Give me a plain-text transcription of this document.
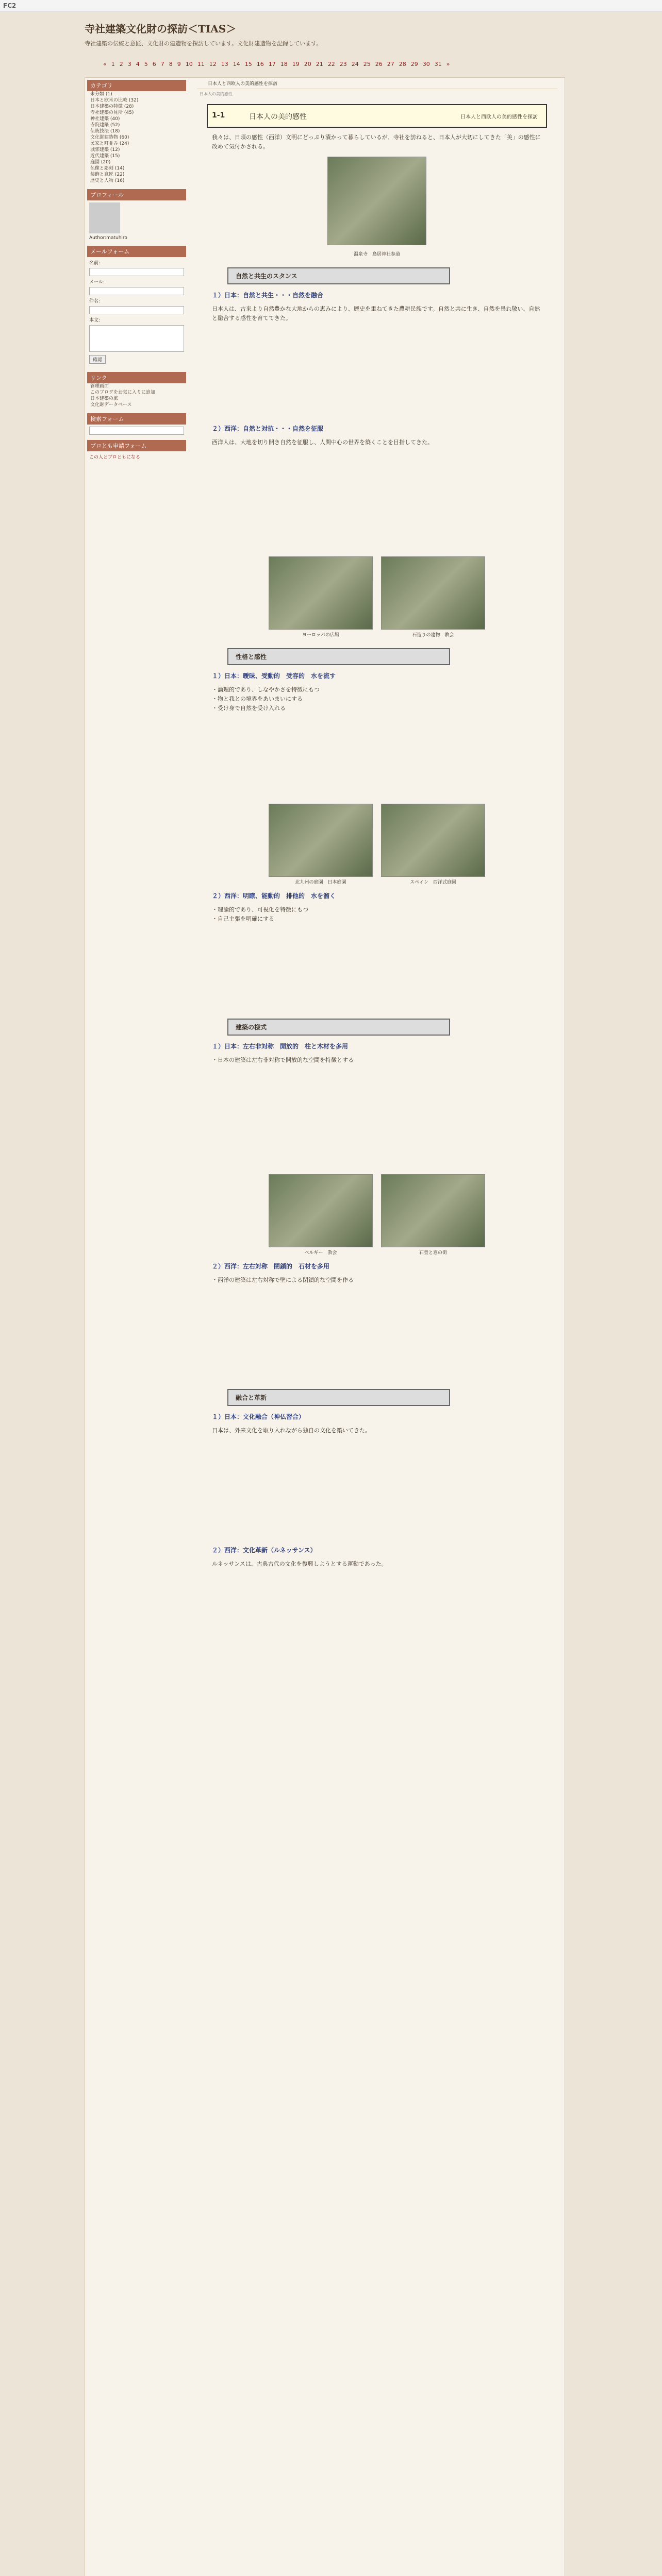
FC2
寺社建築文化財の探訪＜TIAS＞
寺社建築の伝統と意匠、文化財の建造物を探訪しています。文化財建造物を記録しています。
« 1 2 3 4 5 6 7 8 9 10 11 12 13 14 15 16 17 18 19 20 21 22 23 24 25 26 27 28 29 30 31 »
カテゴリ
未分類 (1)
日本と欧米の比較 (32)
日本建築の特徴 (28)
寺社建築の見所 (45)
神社建築 (40)
寺院建築 (52)
伝統技法 (18)
文化財建造物 (60)
民家と町並み (24)
城郭建築 (12)
近代建築 (15)
庭園 (20)
仏像と彫刻 (14)
装飾と意匠 (22)
歴史と人物 (16)
プロフィール
Author:matuhiro
メールフォーム
名前:
メール:
件名:
本文:
確認
リンク
管理画面
このブログをお気に入りに追加
日本建築の旅
文化財データベース
検索フォーム
ブロとも申請フォーム
この人とブロともになる
日本人と西欧人の美的感性を探訪
日本人の美的感性
1-1	日本人の美的感性	日本人と西欧人の美的感性を探訪
我々は、日頃の感性（西洋）文明にどっぷり漬かって暮らしているが、寺社を訪ねると、日本人が大切にしてきた「美」の感性に改めて気付かされる。
温泉寺　鳥居神社参道
自然と共生のスタンス
１）日本：自然と共生・・・自然を融合
日本人は、古来より自然豊かな大地からの恵みにより、歴史を重ねてきた農耕民族です。自然と共に生き、自然を畏れ敬い、自然と融合する感性を育ててきた。
２）西洋：自然と対抗・・・自然を征服
西洋人は、大地を切り開き自然を征服し、人間中心の世界を築くことを目指してきた。
ヨーロッパの広場	石造りの建物　教会
性格と感性
１）日本：曖昧、受動的　受容的　水を流す
・論理的であり、しなやかさを特徴にもつ
・物と我との境界をあいまいにする
・受け身で自然を受け入れる
北九州の庭園　日本庭園	スペイン　西洋式庭園
２）西洋：明瞭、能動的　排他的　水を溜く
・理論的であり、可視化を特徴にもつ
・自己主張を明確にする
建築の様式
１）日本：左右非対称　開放的　柱と木材を多用
・日本の建築は左右非対称で開放的な空間を特徴とする
ベルギー　教会	石畳と窓の街
２）西洋：左右対称　閉鎖的　石材を多用
・西洋の建築は左右対称で壁による閉鎖的な空間を作る
融合と革新
１）日本：文化融合（神仏習合）
日本は、外来文化を取り入れながら独自の文化を築いてきた。
２）西洋：文化革新（ルネッサンス）
ルネッサンスは、古典古代の文化を復興しようとする運動であった。
